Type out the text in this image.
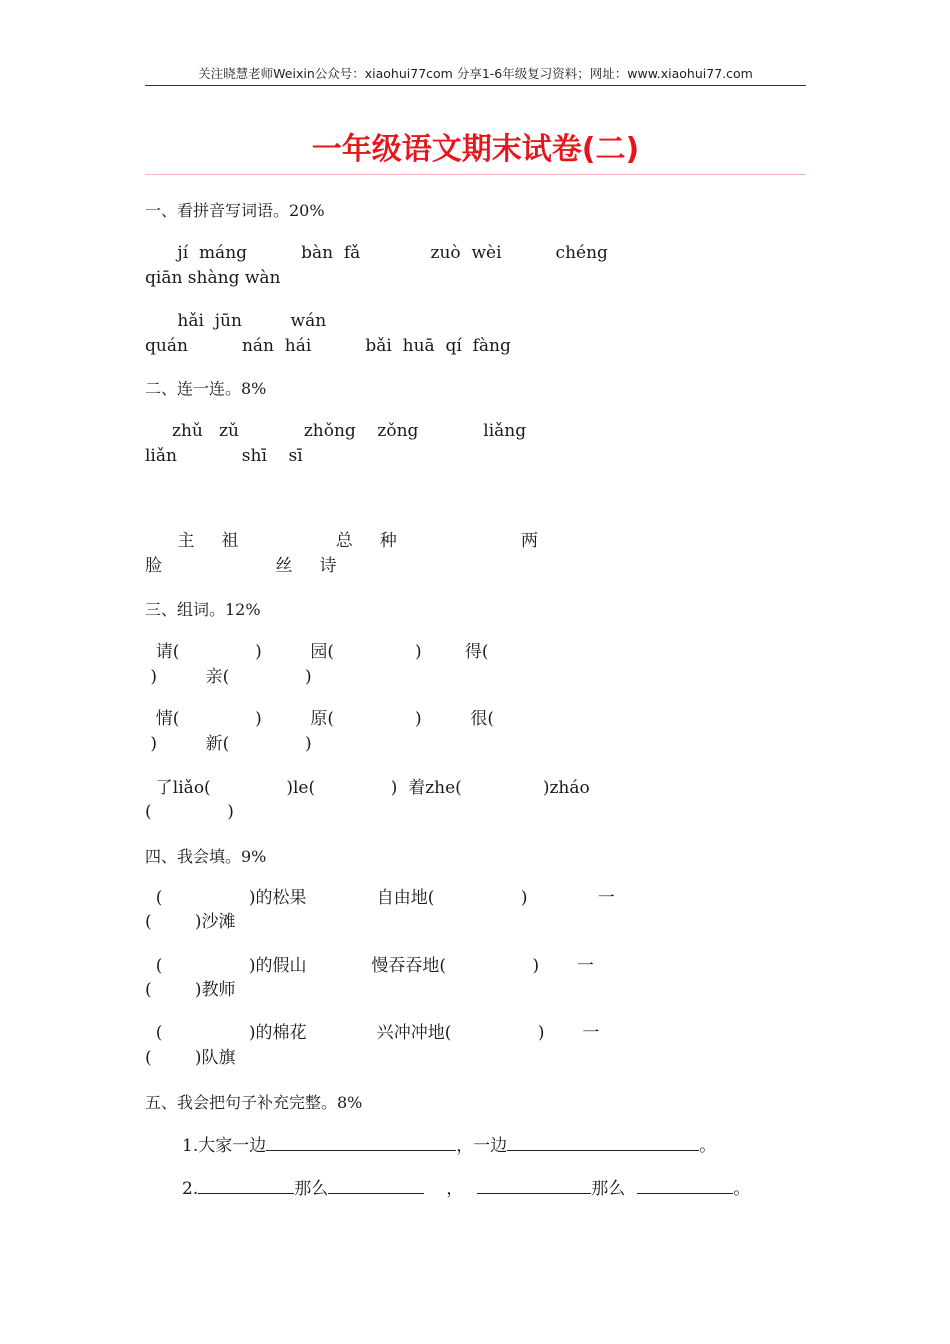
关注晓慧老师Weixin公众号：xiaohui77com 分享1-6年级复习资料；网址：www.xiaohui77.com
一年级语文期末试卷(二)
一、看拼音写词语。20%
jí  máng          bàn  fǎ             zuò  wèi          chéng
qiān shàng wàn
hǎi  jūn         wán
quán          nán  hái          bǎi  huā  qí  fàng
二、连一连。8%
zhǔ   zǔ            zhǒng    zǒng            liǎng
liǎn            shī    sī
主     祖                  总     种                       两
脸                     丝     诗
三、组词。12%
请(              )         园(               )        得(
)         亲(              )
情(              )         原(               )         很(
)         新(              )
了liǎo(              )le(              )  着zhe(               )zháo
(              )
四、我会填。9%
(                )的松果             自由地(                )             一
(        )沙滩
(                )的假山            慢吞吞地(                )       一
(        )教师
(                )的棉花             兴冲冲地(                )       一
(        )队旗
五、我会把句子补充完整。8%
1.大家一边	，一边	。
2.	那么	，	那么	。
